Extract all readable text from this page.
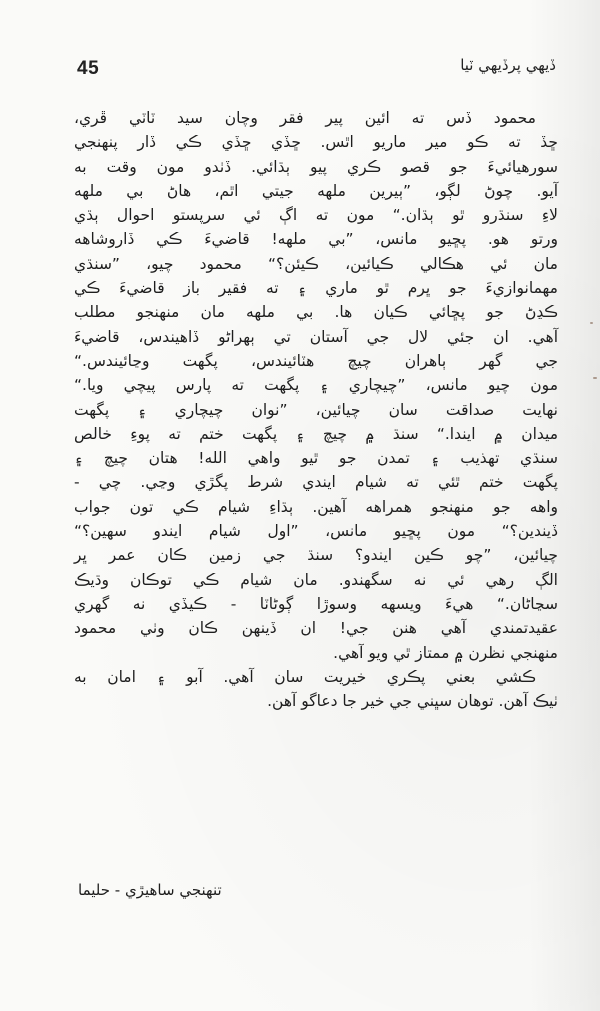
45	ڏيهي پرڏيهي ٽيا
محمود ڏس ته ائين پير فقر وچان سيد ٽاٽي ڦري،
ڇڏ ته ڪو مير ماريو اٿس. ڇڏي ڇڏي ڪي ڏار پنهنجي
سورهيائيءَ جو قصو ڪري پيو ٻڌائي. ڏٺدو مون وقت به
آيو. چوڻ لڳو، ”ٻيرين ملهه جيتي اٿم، هاڻ بي ملهه
لاءِ سنڌرو ٿو ٻڌان.“ مون ته اڳ ئي سرپستو احوال ٻڌي
ورتو هو. پڇيو مانس، ”بي ملهه! قاضيءَ ڪي ڏاروشاهه
مان ئي هڪالي ڪيائين، ڪيئن؟“ محمود چيو، ”سنڌي
مهمانوازيءَ جو ڀرم ٿو ماري ۽ ته فقير باز قاضيءَ ڪي
ڪڍڻ جو پڇائي ڪيان ها. بي ملهه مان منهنجو مطلب
آهي. ان جئي لال جي آستان تي ٻهراڻو ڏاهيندس، قاضيءَ
جي گهر ٻاهران چيچ هٽائيندس، پگهت وڃائيندس.“
مون چيو مانس، ”چيچاري ۽ پگهت ته پارس پيچي ويا.“
نهايت صداقت سان چيائين، ”نوان چيچاري ۽ پگهت
ميدان ۾ ايندا.“ سنڌ ۾ چيچ ۽ پگهت ختم ته پوءِ خالص
سنڌي تهذيب ۽ تمدن جو ٿيو واهي الله! هتان چيچ ۽
پگهت ختم ٿئي ته شيام ايندي شرط پگڙي وڃي. چي -
واهه جو منهنجو همراهه آهين. ٻڌاءِ شيام ڪي تون جواب
ڏيندين؟“ مون پڇيو مانس، ”اول شيام ايندو سهين؟“
چيائين، ”چو ڪين ايندو؟ سنڌ جي زمين ڪان عمر ڀر
الڳ رهي ئي نه سگهندو. مان شيام ڪي توڪان وڌيڪ
سڃاڻان.“ هيءَ ويسهه وسوڙا ڳوڻاٽا - ڪيڏي نه گهري
عقيدتمندي آهي هنن جي! ان ڏينهن ڪان وٺي محمود
منهنجي نظرن ۾ ممتاز ٿي ويو آهي.
ڪشي بعني پڪري خيريت سان آهي. آبو ۽ امان به
ٺيڪ آهن. توهان سڀني جي خير جا دعاگو آهن.
تنهنجي ساهيڙي - حليما
